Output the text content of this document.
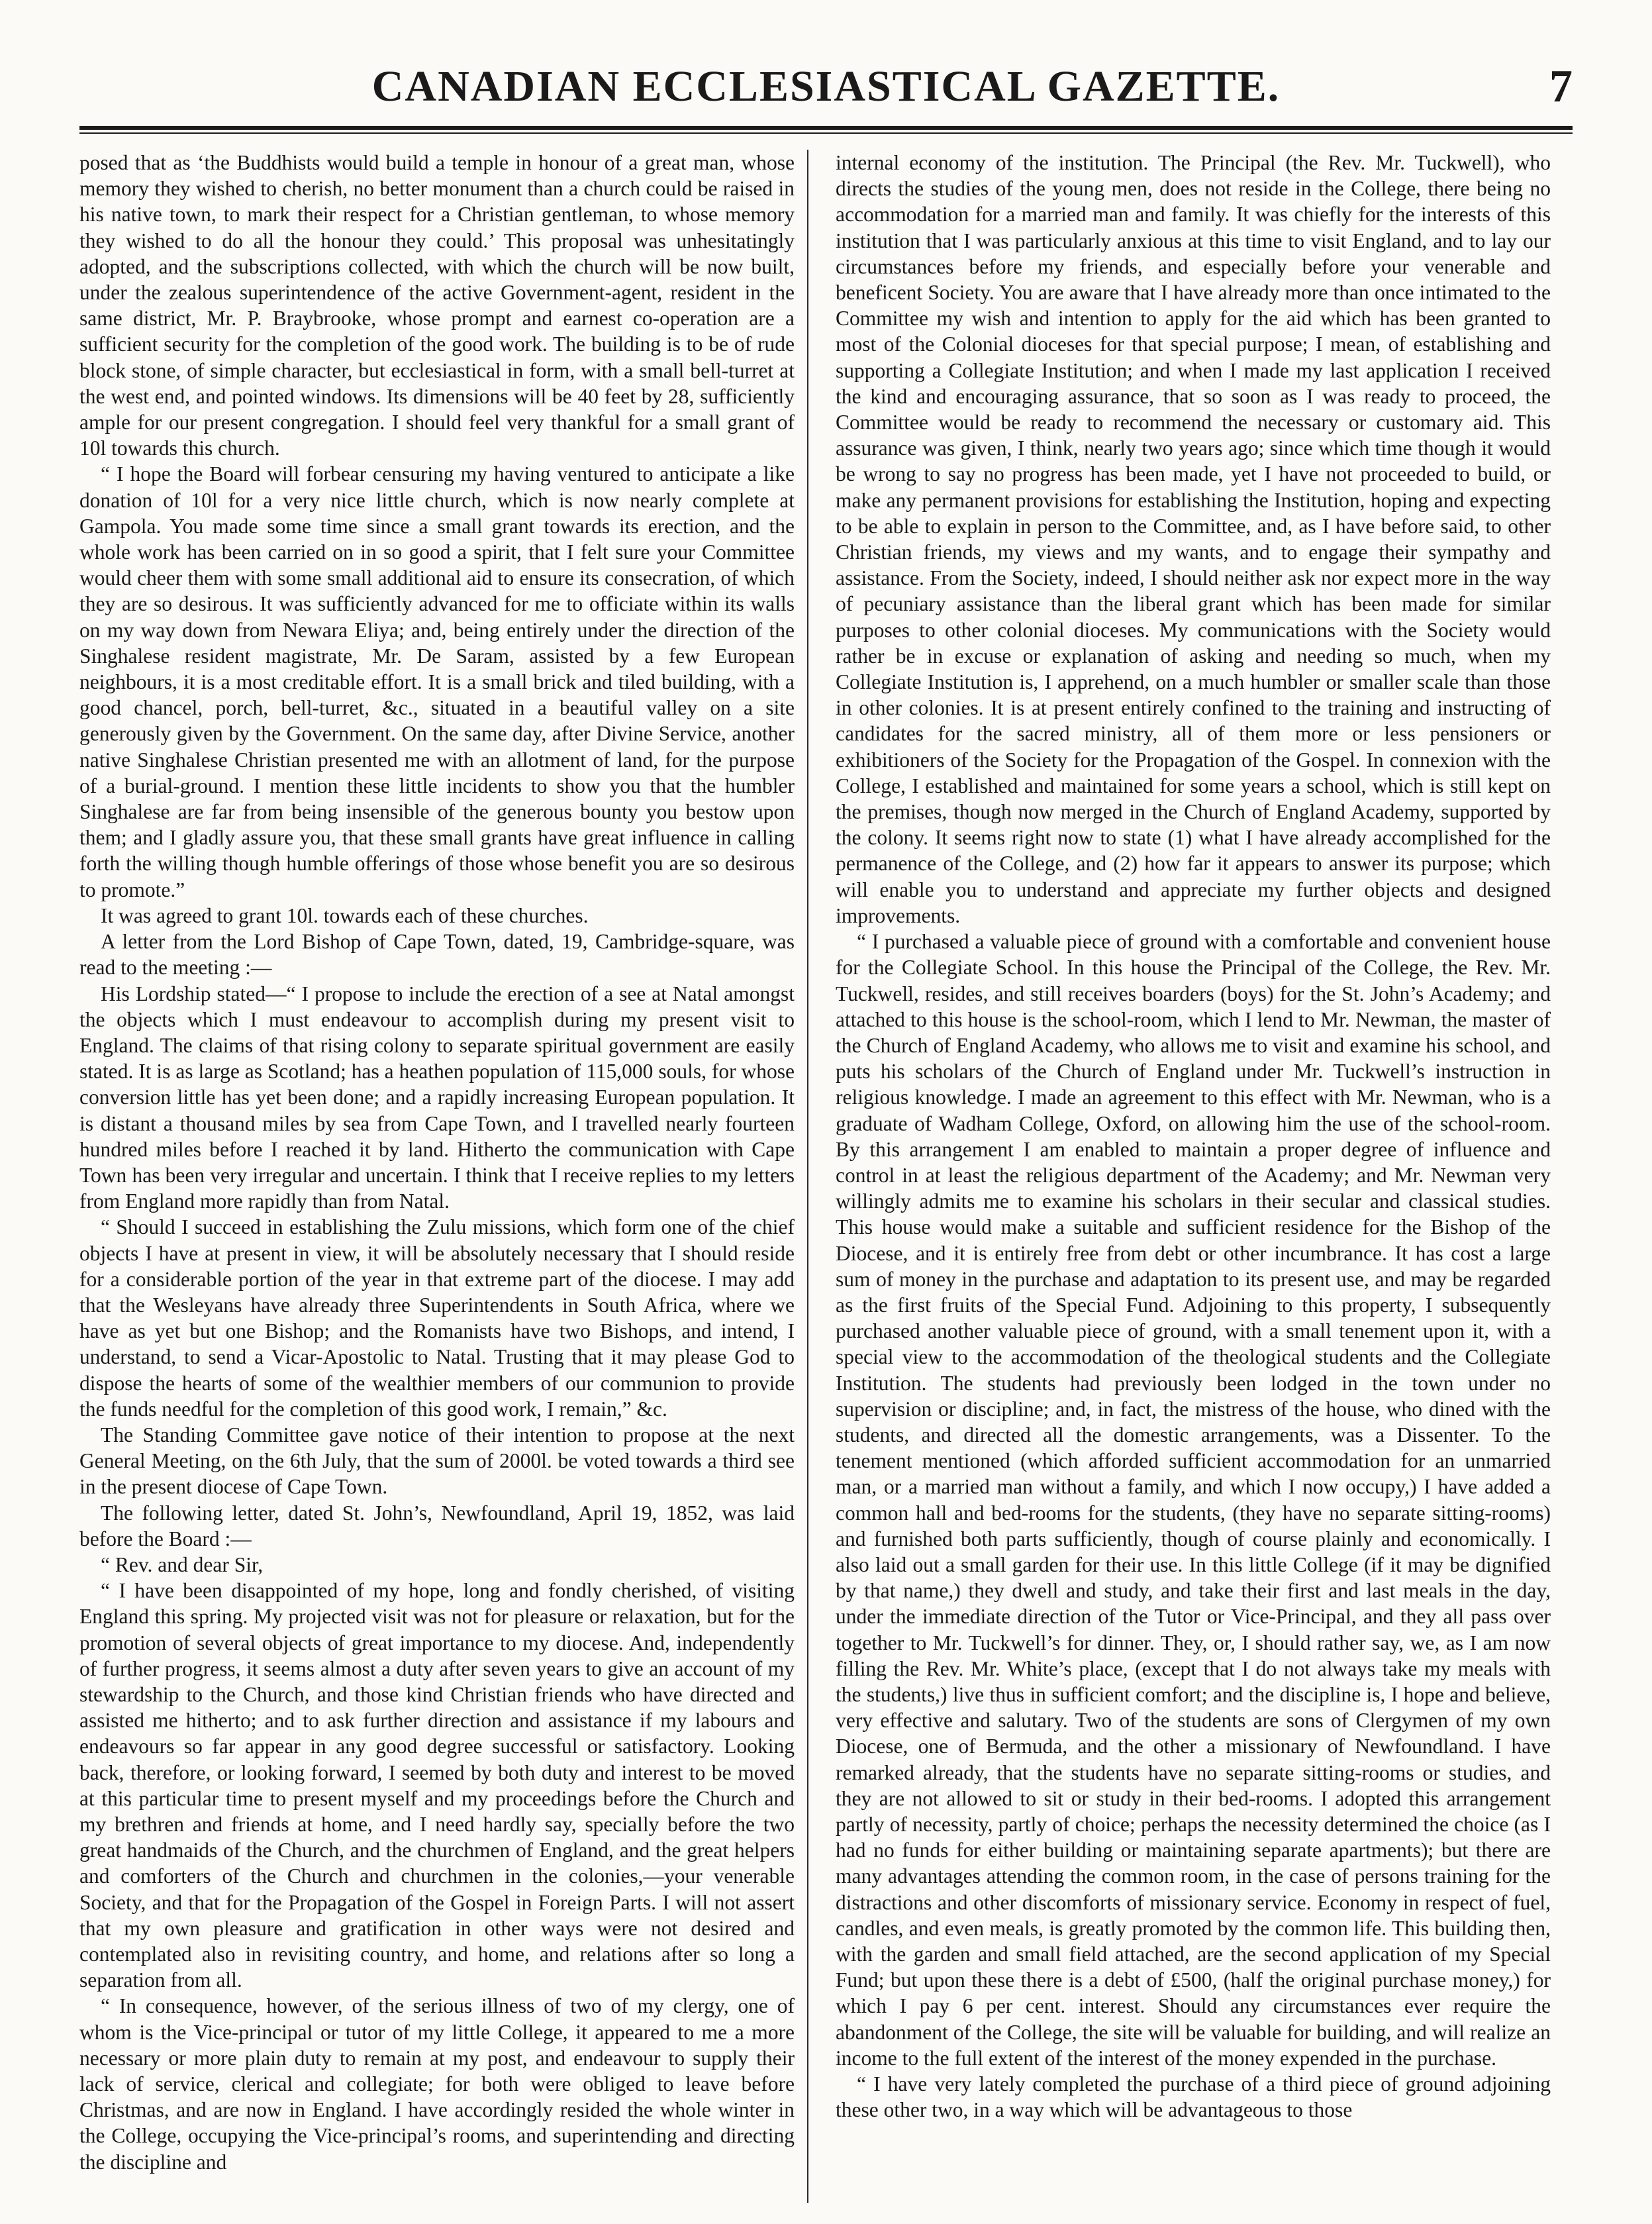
CANADIAN ECCLESIASTICAL GAZETTE.	7

posed that as ‘the Buddhists would build a temple in honour of a great man, whose memory they wished to cherish, no better monument than a church could be raised in his native town, to mark their respect for a Christian gentleman, to whose memory they wished to do all the honour they could.’ This proposal was unhesitatingly adopted, and the subscriptions collected, with which the church will be now built, under the zealous superintendence of the active Government-agent, resident in the same district, Mr. P. Braybrooke, whose prompt and earnest co-operation are a sufficient security for the completion of the good work. The building is to be of rude block stone, of simple character, but ecclesiastical in form, with a small bell-turret at the west end, and pointed windows. Its dimensions will be 40 feet by 28, sufficiently ample for our present congregation. I should feel very thankful for a small grant of 10l towards this church.

“ I hope the Board will forbear censuring my having ventured to anticipate a like donation of 10l for a very nice little church, which is now nearly complete at Gampola. You made some time since a small grant towards its erection, and the whole work has been carried on in so good a spirit, that I felt sure your Committee would cheer them with some small additional aid to ensure its consecration, of which they are so desirous. It was sufficiently advanced for me to officiate within its walls on my way down from Newara Eliya; and, being entirely under the direction of the Singhalese resident magistrate, Mr. De Saram, assisted by a few European neighbours, it is a most creditable effort. It is a small brick and tiled building, with a good chancel, porch, bell-turret, &c., situated in a beautiful valley on a site generously given by the Government. On the same day, after Divine Service, another native Singhalese Christian presented me with an allotment of land, for the purpose of a burial-ground. I mention these little incidents to show you that the humbler Singhalese are far from being insensible of the generous bounty you bestow upon them; and I gladly assure you, that these small grants have great influence in calling forth the willing though humble offerings of those whose benefit you are so desirous to promote.”

It was agreed to grant 10l. towards each of these churches.

A letter from the Lord Bishop of Cape Town, dated, 19, Cambridge-square, was read to the meeting :—

His Lordship stated—“ I propose to include the erection of a see at Natal amongst the objects which I must endeavour to accomplish during my present visit to England. The claims of that rising colony to separate spiritual government are easily stated. It is as large as Scotland; has a heathen population of 115,000 souls, for whose conversion little has yet been done; and a rapidly increasing European population. It is distant a thousand miles by sea from Cape Town, and I travelled nearly fourteen hundred miles before I reached it by land. Hitherto the communication with Cape Town has been very irregular and uncertain. I think that I receive replies to my letters from England more rapidly than from Natal.

“ Should I succeed in establishing the Zulu missions, which form one of the chief objects I have at present in view, it will be absolutely necessary that I should reside for a considerable portion of the year in that extreme part of the diocese. I may add that the Wesleyans have already three Superintendents in South Africa, where we have as yet but one Bishop; and the Romanists have two Bishops, and intend, I understand, to send a Vicar-Apostolic to Natal. Trusting that it may please God to dispose the hearts of some of the wealthier members of our communion to provide the funds needful for the completion of this good work, I remain,” &c.

The Standing Committee gave notice of their intention to propose at the next General Meeting, on the 6th July, that the sum of 2000l. be voted towards a third see in the present diocese of Cape Town.

The following letter, dated St. John’s, Newfoundland, April 19, 1852, was laid before the Board :—

“ Rev. and dear Sir,

“ I have been disappointed of my hope, long and fondly cherished, of visiting England this spring. My projected visit was not for pleasure or relaxation, but for the promotion of several objects of great importance to my diocese. And, independently of further progress, it seems almost a duty after seven years to give an account of my stewardship to the Church, and those kind Christian friends who have directed and assisted me hitherto; and to ask further direction and assistance if my labours and endeavours so far appear in any good degree successful or satisfactory. Looking back, therefore, or looking forward, I seemed by both duty and interest to be moved at this particular time to present myself and my proceedings before the Church and my brethren and friends at home, and I need hardly say, specially before the two great handmaids of the Church, and the churchmen of England, and the great helpers and comforters of the Church and churchmen in the colonies,—your venerable Society, and that for the Propagation of the Gospel in Foreign Parts. I will not assert that my own pleasure and gratification in other ways were not desired and contemplated also in revisiting country, and home, and relations after so long a separation from all.

“ In consequence, however, of the serious illness of two of my clergy, one of whom is the Vice-principal or tutor of my little College, it appeared to me a more necessary or more plain duty to remain at my post, and endeavour to supply their lack of service, clerical and collegiate; for both were obliged to leave before Christmas, and are now in England. I have accordingly resided the whole winter in the College, occupying the Vice-principal’s rooms, and superintending and directing the discipline and

internal economy of the institution. The Principal (the Rev. Mr. Tuckwell), who directs the studies of the young men, does not reside in the College, there being no accommodation for a married man and family. It was chiefly for the interests of this institution that I was particularly anxious at this time to visit England, and to lay our circumstances before my friends, and especially before your venerable and beneficent Society. You are aware that I have already more than once intimated to the Committee my wish and intention to apply for the aid which has been granted to most of the Colonial dioceses for that special purpose; I mean, of establishing and supporting a Collegiate Institution; and when I made my last application I received the kind and encouraging assurance, that so soon as I was ready to proceed, the Committee would be ready to recommend the necessary or customary aid. This assurance was given, I think, nearly two years ago; since which time though it would be wrong to say no progress has been made, yet I have not proceeded to build, or make any permanent provisions for establishing the Institution, hoping and expecting to be able to explain in person to the Committee, and, as I have before said, to other Christian friends, my views and my wants, and to engage their sympathy and assistance. From the Society, indeed, I should neither ask nor expect more in the way of pecuniary assistance than the liberal grant which has been made for similar purposes to other colonial dioceses. My communications with the Society would rather be in excuse or explanation of asking and needing so much, when my Collegiate Institution is, I apprehend, on a much humbler or smaller scale than those in other colonies. It is at present entirely confined to the training and instructing of candidates for the sacred ministry, all of them more or less pensioners or exhibitioners of the Society for the Propagation of the Gospel. In connexion with the College, I established and maintained for some years a school, which is still kept on the premises, though now merged in the Church of England Academy, supported by the colony. It seems right now to state (1) what I have already accomplished for the permanence of the College, and (2) how far it appears to answer its purpose; which will enable you to understand and appreciate my further objects and designed improvements.

“ I purchased a valuable piece of ground with a comfortable and convenient house for the Collegiate School. In this house the Principal of the College, the Rev. Mr. Tuckwell, resides, and still receives boarders (boys) for the St. John’s Academy; and attached to this house is the school-room, which I lend to Mr. Newman, the master of the Church of England Academy, who allows me to visit and examine his school, and puts his scholars of the Church of England under Mr. Tuckwell’s instruction in religious knowledge. I made an agreement to this effect with Mr. Newman, who is a graduate of Wadham College, Oxford, on allowing him the use of the school-room. By this arrangement I am enabled to maintain a proper degree of influence and control in at least the religious department of the Academy; and Mr. Newman very willingly admits me to examine his scholars in their secular and classical studies. This house would make a suitable and sufficient residence for the Bishop of the Diocese, and it is entirely free from debt or other incumbrance. It has cost a large sum of money in the purchase and adaptation to its present use, and may be regarded as the first fruits of the Special Fund. Adjoining to this property, I subsequently purchased another valuable piece of ground, with a small tenement upon it, with a special view to the accommodation of the theological students and the Collegiate Institution. The students had previously been lodged in the town under no supervision or discipline; and, in fact, the mistress of the house, who dined with the students, and directed all the domestic arrangements, was a Dissenter. To the tenement mentioned (which afforded sufficient accommodation for an unmarried man, or a married man without a family, and which I now occupy,) I have added a common hall and bed-rooms for the students, (they have no separate sitting-rooms) and furnished both parts sufficiently, though of course plainly and economically. I also laid out a small garden for their use. In this little College (if it may be dignified by that name,) they dwell and study, and take their first and last meals in the day, under the immediate direction of the Tutor or Vice-Principal, and they all pass over together to Mr. Tuckwell’s for dinner. They, or, I should rather say, we, as I am now filling the Rev. Mr. White’s place, (except that I do not always take my meals with the students,) live thus in sufficient comfort; and the discipline is, I hope and believe, very effective and salutary. Two of the students are sons of Clergymen of my own Diocese, one of Bermuda, and the other a missionary of Newfoundland. I have remarked already, that the students have no separate sitting-rooms or studies, and they are not allowed to sit or study in their bed-rooms. I adopted this arrangement partly of necessity, partly of choice; perhaps the necessity determined the choice (as I had no funds for either building or maintaining separate apartments); but there are many advantages attending the common room, in the case of persons training for the distractions and other discomforts of missionary service. Economy in respect of fuel, candles, and even meals, is greatly promoted by the common life. This building then, with the garden and small field attached, are the second application of my Special Fund; but upon these there is a debt of £500, (half the original purchase money,) for which I pay 6 per cent. interest. Should any circumstances ever require the abandonment of the College, the site will be valuable for building, and will realize an income to the full extent of the interest of the money expended in the purchase.

“ I have very lately completed the purchase of a third piece of ground adjoining these other two, in a way which will be advantageous to those
